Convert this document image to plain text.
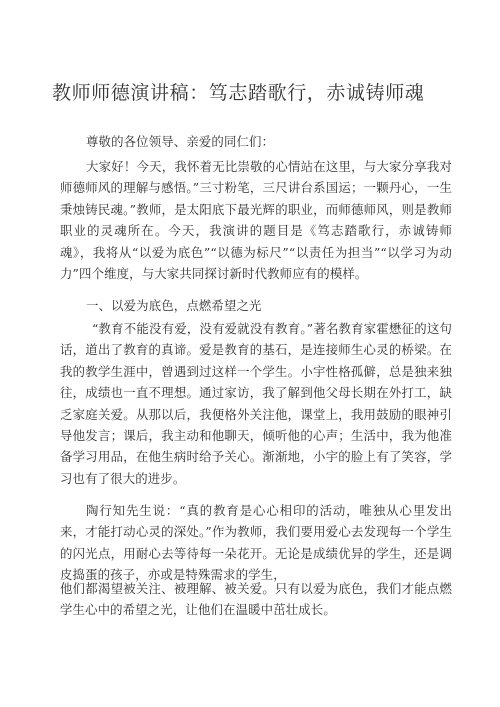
教师师德演讲稿：笃志踏歌行，赤诚铸师魂

尊敬的各位领导、亲爱的同仁们：

大家好！今天，我怀着无比崇敬的心情站在这里，与大家分享我对师德师风的理解与感悟。”三寸粉笔，三尺讲台系国运；一颗丹心，一生秉烛铸民魂。”教师，是太阳底下最光辉的职业，而师德师风，则是教师职业的灵魂所在。今天，我演讲的题目是《笃志踏歌行，赤诚铸师魂》，我将从“以爱为底色”“以德为标尺”“以责任为担当”“以学习为动力”四个维度，与大家共同探讨新时代教师应有的模样。

一、以爱为底色，点燃希望之光

“教育不能没有爱，没有爱就没有教育。”著名教育家霍懋征的这句话，道出了教育的真谛。爱是教育的基石，是连接师生心灵的桥梁。在我的教学生涯中，曾遇到过这样一个学生。小宇性格孤僻，总是独来独往，成绩也一直不理想。通过家访，我了解到他父母长期在外打工，缺乏家庭关爱。从那以后，我便格外关注他，课堂上，我用鼓励的眼神引导他发言；课后，我主动和他聊天，倾听他的心声；生活中，我为他准备学习用品，在他生病时给予关心。渐渐地，小宇的脸上有了笑容，学习也有了很大的进步。

陶行知先生说：“真的教育是心心相印的活动，唯独从心里发出来，才能打动心灵的深处。”作为教师，我们要用爱心去发现每一个学生的闪光点，用耐心去等待每一朵花开。无论是成绩优异的学生，还是调皮捣蛋的孩子，亦或是特殊需求的学生，

他们都渴望被关注、被理解、被关爱。只有以爱为底色，我们才能点燃学生心中的希望之光，让他们在温暖中茁壮成长。
